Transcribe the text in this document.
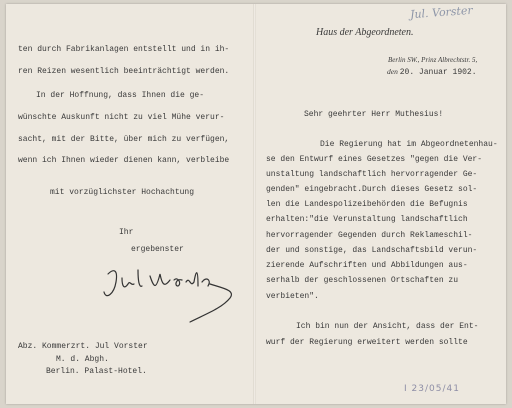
ten durch Fabrikanlagen entstellt und in ih-
ren Reizen wesentlich beeinträchtigt werden.
In der Hoffnung, dass Ihnen die ge-
wünschte Auskunft nicht zu viel Mühe verur-
sacht, mit der Bitte, über mich zu verfügen,
wenn ich Ihnen wieder dienen kann, verbleibe
mit vorzüglichster Hochachtung
Ihr
ergebenster
Abz. Kommerzrt. Jul Vorster
M. d. Abgh.
Berlin. Palast-Hotel.
Jul. Vorster
Haus der Abgeordneten.
Berlin SW., Prinz Albrechtstr. 5,
den 20. Januar 1902.
Sehr geehrter Herr Muthesius!
Die Regierung hat im Abgeordnetenhau-
se den Entwurf eines Gesetzes "gegen die Ver-
unstaltung landschaftlich hervorragender Ge-
genden" eingebracht.Durch dieses Gesetz sol-
len die Landespolizeibehörden die Befugnis
erhalten:"die Verunstaltung landschaftlich
hervorragender Gegenden durch Reklameschil-
der und sonstige, das Landschaftsbild verun-
zierende Aufschriften und Abbildungen aus-
serhalb der geschlossenen Ortschaften zu
verbieten".
Ich bin nun der Ansicht, dass der Ent-
wurf der Regierung erweitert werden sollte
I 23/05/41
